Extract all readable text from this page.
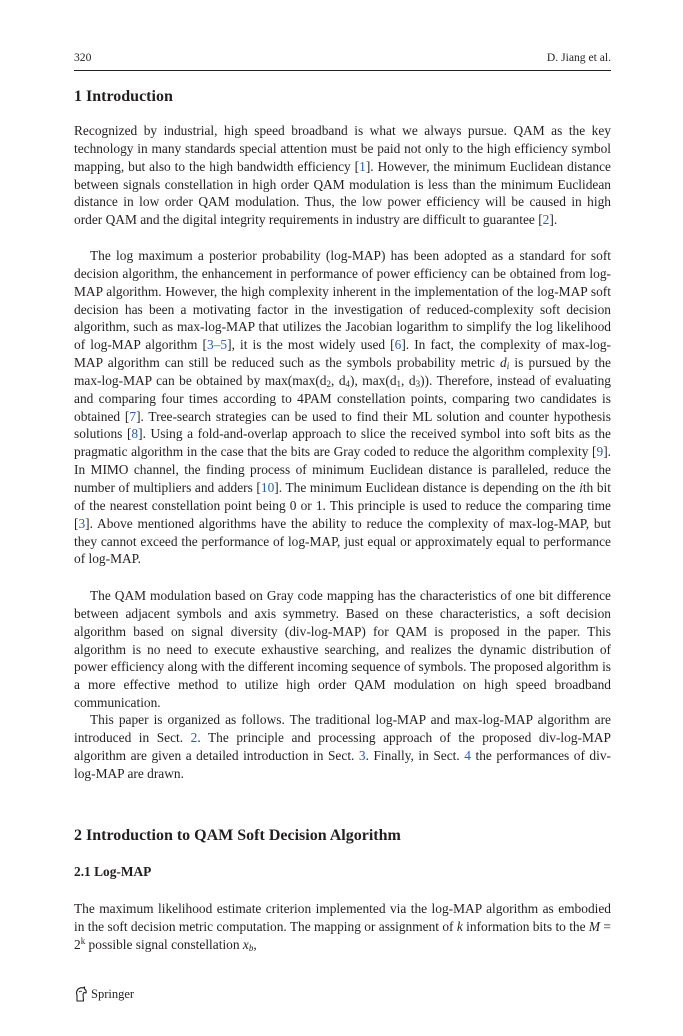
320	D. Jiang et al.
1 Introduction

Recognized by industrial, high speed broadband is what we always pursue. QAM as the key technology in many standards special attention must be paid not only to the high efficiency symbol mapping, but also to the high bandwidth efficiency [1]. However, the minimum Euclidean distance between signals constellation in high order QAM modulation is less than the minimum Euclidean distance in low order QAM modulation. Thus, the low power efficiency will be caused in high order QAM and the digital integrity requirements in industry are difficult to guarantee [2].

The log maximum a posterior probability (log-MAP) has been adopted as a standard for soft decision algorithm, the enhancement in performance of power efficiency can be obtained from log-MAP algorithm. However, the high complexity inherent in the implementation of the log-MAP soft decision has been a motivating factor in the investigation of reduced-complexity soft decision algorithm, such as max-log-MAP that utilizes the Jacobian logarithm to simplify the log likelihood of log-MAP algorithm [3–5], it is the most widely used [6]. In fact, the complexity of max-log-MAP algorithm can still be reduced such as the symbols probability metric $d_i$ is pursued by the max-log-MAP can be obtained by $\max(\max(d_2$, $d_4$), $\max(d_1$, $d_3$)). Therefore, instead of evaluating and comparing four times according to 4PAM constellation points, comparing two candidates is obtained [7]. Tree-search strategies can be used to find their ML solution and counter hypothesis solutions [8]. Using a fold-and-overlap approach to slice the received symbol into soft bits as the pragmatic algorithm in the case that the bits are Gray coded to reduce the algorithm complexity [9]. In MIMO channel, the finding process of minimum Euclidean distance is paralleled, reduce the number of multipliers and adders [10]. The minimum Euclidean distance is depending on the ith bit of the nearest constellation point being 0 or 1. This principle is used to reduce the comparing time [3]. Above mentioned algorithms have the ability to reduce the complexity of max-log-MAP, but they cannot exceed the performance of log-MAP, just equal or approximately equal to performance of log-MAP.

The QAM modulation based on Gray code mapping has the characteristics of one bit difference between adjacent symbols and axis symmetry. Based on these characteristics, a soft decision algorithm based on signal diversity (div-log-MAP) for QAM is proposed in the paper. This algorithm is no need to execute exhaustive searching, and realizes the dynamic distribution of power efficiency along with the different incoming sequence of symbols. The proposed algorithm is a more effective method to utilize high order QAM modulation on high speed broadband communication.

This paper is organized as follows. The traditional log-MAP and max-log-MAP algorithm are introduced in Sect. 2. The principle and processing approach of the proposed div-log-MAP algorithm are given a detailed introduction in Sect. 3. Finally, in Sect. 4 the performances of div-log-MAP are drawn.

2 Introduction to QAM Soft Decision Algorithm
2.1 Log-MAP

The maximum likelihood estimate criterion implemented via the log-MAP algorithm as embodied in the soft decision metric computation. The mapping or assignment of k information bits to the $M = 2^k$ possible signal constellation $x_b$,

Springer
